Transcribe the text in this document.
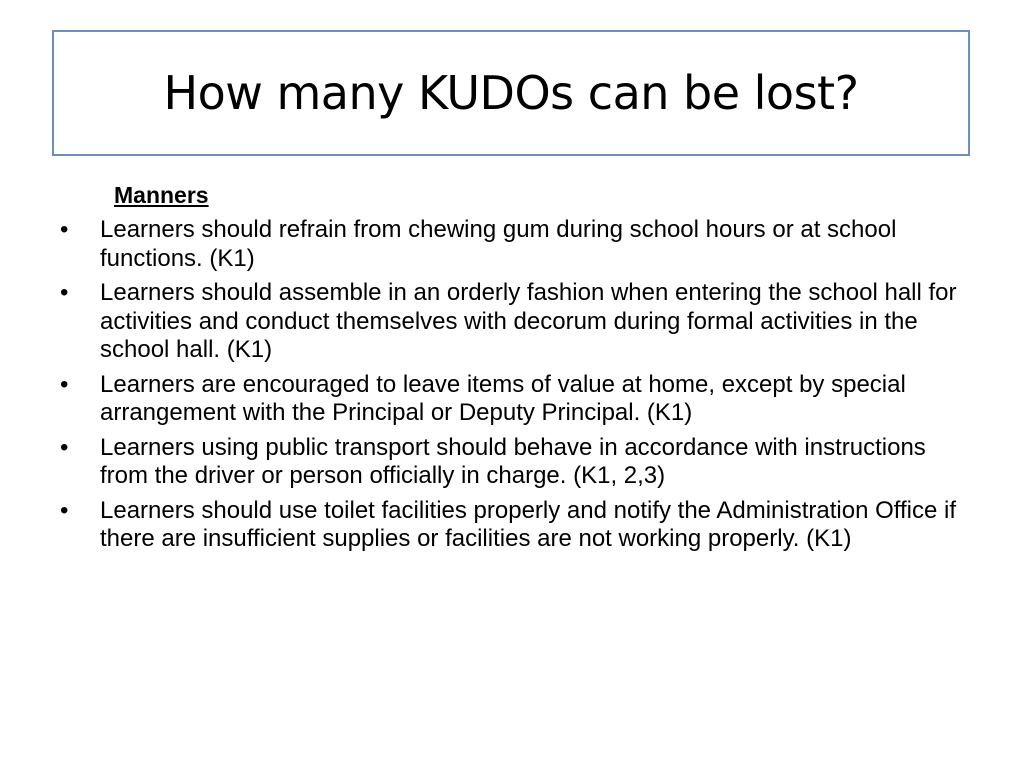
How many KUDOs can be lost?
Manners
• Learners should refrain from chewing gum during school hours or at school functions. (K1)
• Learners should assemble in an orderly fashion when entering the school hall for activities and conduct themselves with decorum during formal activities in the school hall. (K1)
• Learners are encouraged to leave items of value at home, except by special arrangement with the Principal or Deputy Principal. (K1)
• Learners using public transport should behave in accordance with instructions from the driver or person officially in charge. (K1, 2,3)
• Learners should use toilet facilities properly and notify the Administration Office if there are insufficient supplies or facilities are not working properly. (K1)
